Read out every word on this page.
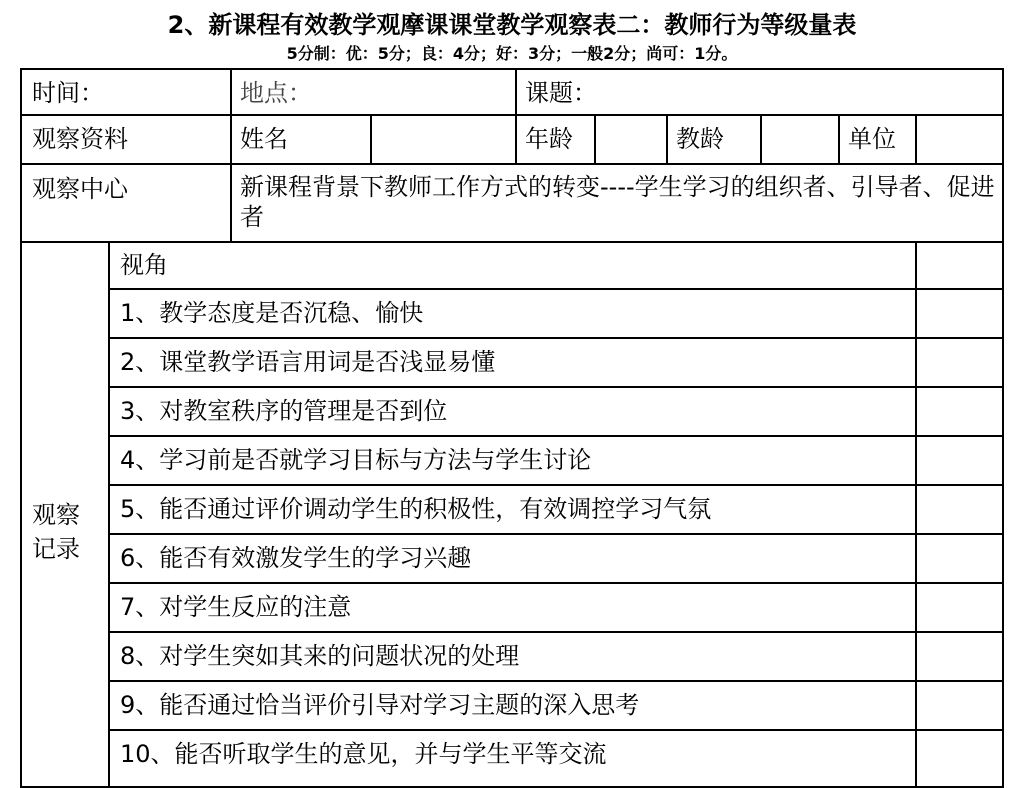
2、新课程有效教学观摩课课堂教学观察表二：教师行为等级量表
5分制：优：5分；良：4分；好：3分；一般2分；尚可：1分。
时间：	地点：	课题：
观察资料	姓名	年龄	教龄	单位
观察中心	新课程背景下教师工作方式的转变----学生学习的组织者、引导者、促进者
观察记录
视角
1、教学态度是否沉稳、愉快
2、课堂教学语言用词是否浅显易懂
3、对教室秩序的管理是否到位
4、学习前是否就学习目标与方法与学生讨论
5、能否通过评价调动学生的积极性，有效调控学习气氛
6、能否有效激发学生的学习兴趣
7、对学生反应的注意
8、对学生突如其来的问题状况的处理
9、能否通过恰当评价引导对学习主题的深入思考
10、能否听取学生的意见，并与学生平等交流
